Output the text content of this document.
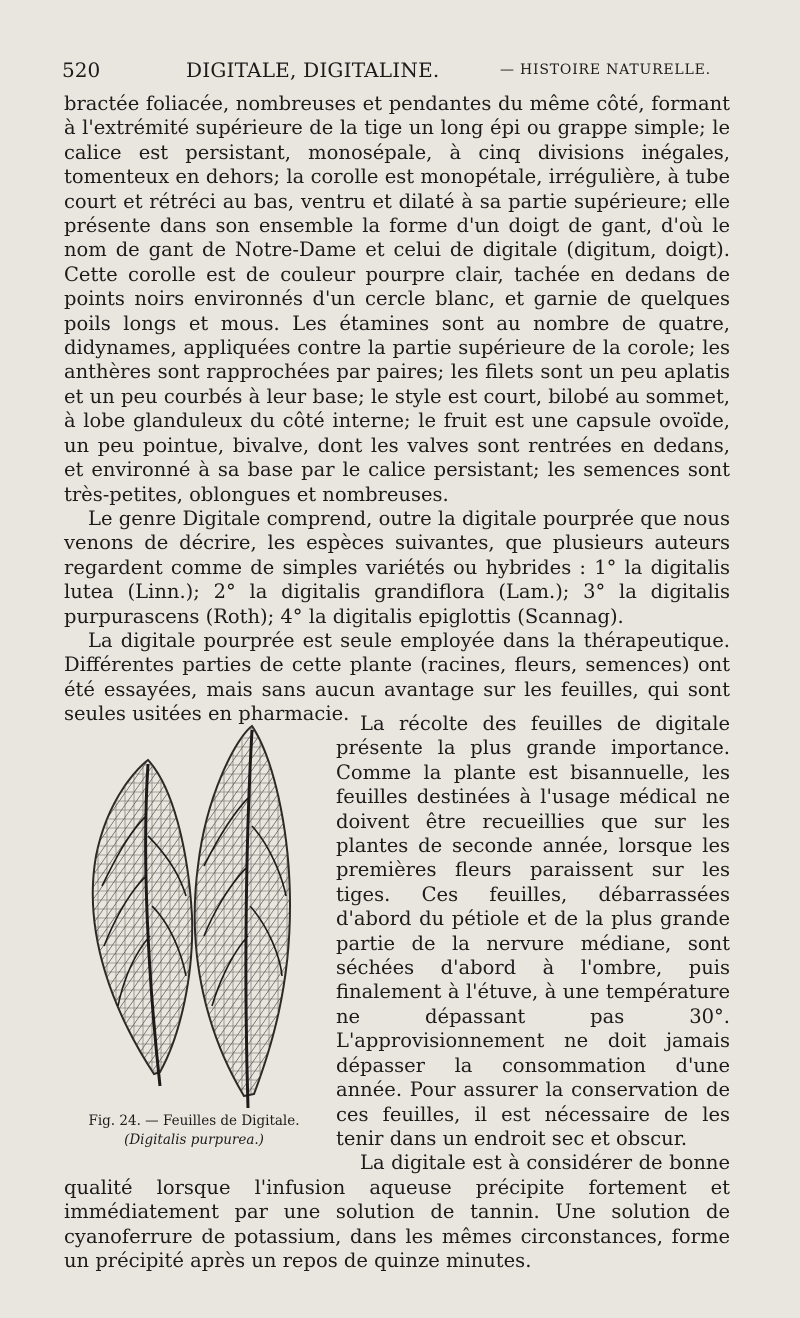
520	DIGITALE, DIGITALINE.	— HISTOIRE NATURELLE.

bractée foliacée, nombreuses et pendantes du même côté, formant à l'extrémité supérieure de la tige un long épi ou grappe simple; le calice est persistant, monosépale, à cinq divisions inégales, tomenteux en dehors; la corolle est monopétale, irrégulière, à tube court et rétréci au bas, ventru et dilaté à sa partie supérieure; elle présente dans son ensemble la forme d'un doigt de gant, d'où le nom de gant de Notre-Dame et celui de digitale (digitum, doigt). Cette corolle est de couleur pourpre clair, tachée en dedans de points noirs environnés d'un cercle blanc, et garnie de quelques poils longs et mous. Les étamines sont au nombre de quatre, didynames, appliquées contre la partie supérieure de la corole; les anthères sont rapprochées par paires; les filets sont un peu aplatis et un peu courbés à leur base; le style est court, bilobé au sommet, à lobe glanduleux du côté interne; le fruit est une capsule ovoïde, un peu pointue, bivalve, dont les valves sont rentrées en dedans, et environné à sa base par le calice persistant; les semences sont très-petites, oblongues et nombreuses.

Le genre Digitale comprend, outre la digitale pourprée que nous venons de décrire, les espèces suivantes, que plusieurs auteurs regardent comme de simples variétés ou hybrides : 1° la digitalis lutea (Linn.); 2° la digitalis grandiflora (Lam.); 3° la digitalis purpurascens (Roth); 4° la digitalis epiglottis (Scannag).

La digitale pourprée est seule employée dans la thérapeutique. Différentes parties de cette plante (racines, fleurs, semences) ont été essayées, mais sans aucun avantage sur les feuilles, qui sont seules usitées en pharmacie.

Fig. 24. — Feuilles de Digitale.
(Digitalis purpurea.)

La récolte des feuilles de digitale présente la plus grande importance. Comme la plante est bisannuelle, les feuilles destinées à l'usage médical ne doivent être recueillies que sur les plantes de seconde année, lorsque les premières fleurs paraissent sur les tiges. Ces feuilles, débarrassées d'abord du pétiole et de la plus grande partie de la nervure médiane, sont séchées d'abord à l'ombre, puis finalement à l'étuve, à une température ne dépassant pas 30°. L'approvisionnement ne doit jamais dépasser la consommation d'une année. Pour assurer la conservation de ces feuilles, il est nécessaire de les tenir dans un endroit sec et obscur.

La digitale est à considérer de bonne qualité lorsque l'infusion aqueuse précipite fortement et immédiatement par une solution de tannin. Une solution de cyanoferrure de potassium, dans les mêmes circonstances, forme un précipité après un repos de quinze minutes.
